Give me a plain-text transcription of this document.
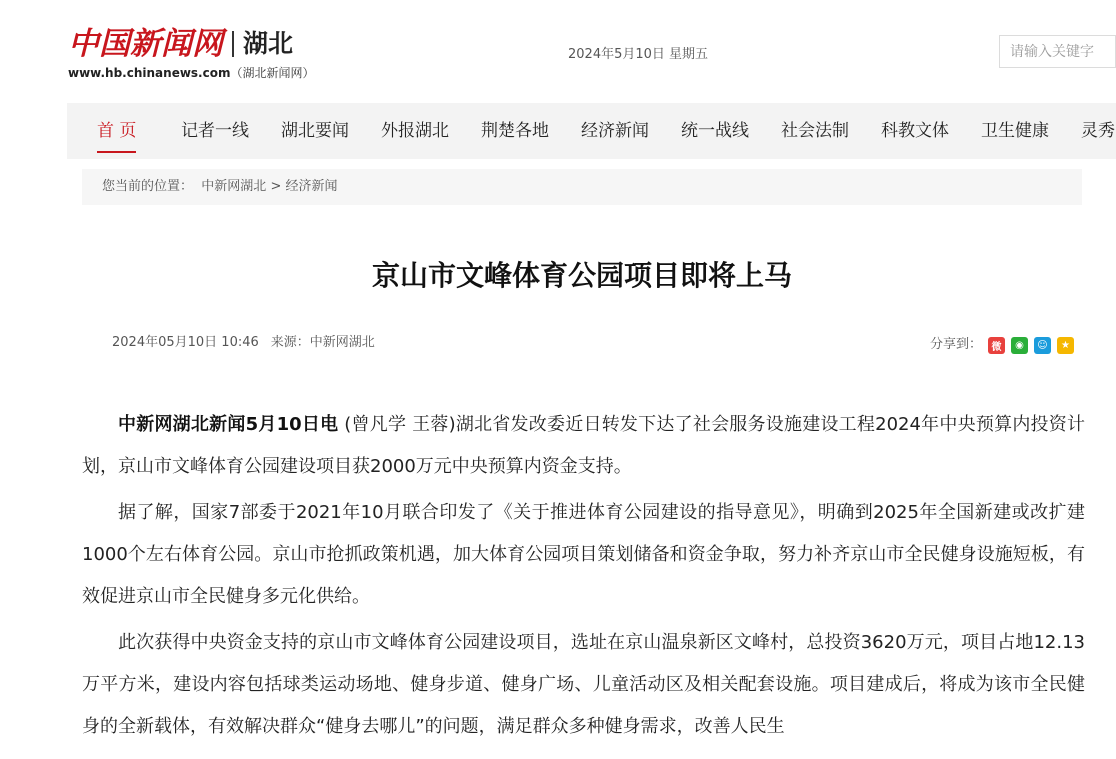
中国新闻网 湖北
www.hb.chinanews.com（湖北新闻网）
2024年5月10日 星期五
请输入关键字
首 页	记者一线 湖北要闻 外报湖北 荆楚各地 经济新闻 统一战线 社会法制 科教文体 卫生健康 灵秀
您当前的位置： 中新网湖北 > 经济新闻
京山市文峰体育公园项目即将上马
2024年05月10日 10:46 来源：中新网湖北	分享到： 微	◉	☺	★

中新网湖北新闻5月10日电 (曾凡学 王蓉)湖北省发改委近日转发下达了社会服务设施建设工程2024年中央预算内投资计划，京山市文峰体育公园建设项目获2000万元中央预算内资金支持。

据了解，国家7部委于2021年10月联合印发了《关于推进体育公园建设的指导意见》，明确到2025年全国新建或改扩建1000个左右体育公园。京山市抢抓政策机遇，加大体育公园项目策划储备和资金争取，努力补齐京山市全民健身设施短板，有效促进京山市全民健身多元化供给。

此次获得中央资金支持的京山市文峰体育公园建设项目，选址在京山温泉新区文峰村，总投资3620万元，项目占地12.13万平方米，建设内容包括球类运动场地、健身步道、健身广场、儿童活动区及相关配套设施。项目建成后，将成为该市全民健身的全新载体，有效解决群众“健身去哪儿”的问题，满足群众多种健身需求，改善人民生
